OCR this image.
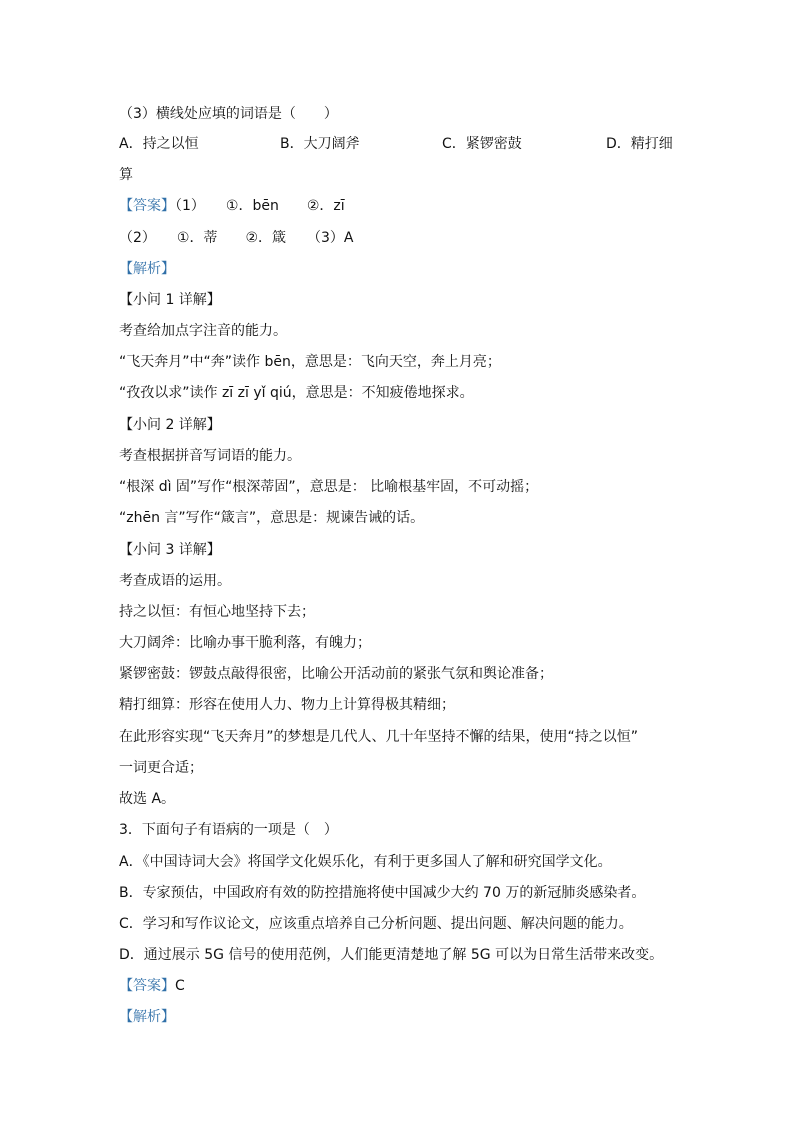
（3）横线处应填的词语是（　　）
A．持之以恒	B．大刀阔斧	C．紧锣密鼓	D．精打细
算
【答案】（1）　　①．bēn　　②．zī
（2）　　①．蒂　　②．箴　　（3）A
【解析】
【小问 1 详解】
考查给加点字注音的能力。
“飞天奔月”中“奔”读作 bēn，意思是：飞向天空，奔上月亮；
“孜孜以求”读作 zī zī yǐ qiú，意思是：不知疲倦地探求。
【小问 2 详解】
考查根据拼音写词语的能力。
“根深 dì 固”写作“根深蒂固”，意思是： 比喻根基牢固，不可动摇；
“zhēn 言”写作“箴言”，意思是：规谏告诫的话。
【小问 3 详解】
考查成语的运用。
持之以恒：有恒心地坚持下去；
大刀阔斧：比喻办事干脆利落，有魄力；
紧锣密鼓：锣鼓点敲得很密，比喻公开活动前的紧张气氛和舆论准备；
精打细算：形容在使用人力、物力上计算得极其精细；
在此形容实现“飞天奔月”的梦想是几代人、几十年坚持不懈的结果，使用“持之以恒”
一词更合适；
故选 A。
3．下面句子有语病的一项是（　）
A．《中国诗词大会》将国学文化娱乐化，有利于更多国人了解和研究国学文化。
B．专家预估，中国政府有效的防控措施将使中国减少大约 70 万的新冠肺炎感染者。
C．学习和写作议论文，应该重点培养自己分析问题、提出问题、解决问题的能力。
D．通过展示 5G 信号的使用范例，人们能更清楚地了解 5G 可以为日常生活带来改变。
【答案】C
【解析】
